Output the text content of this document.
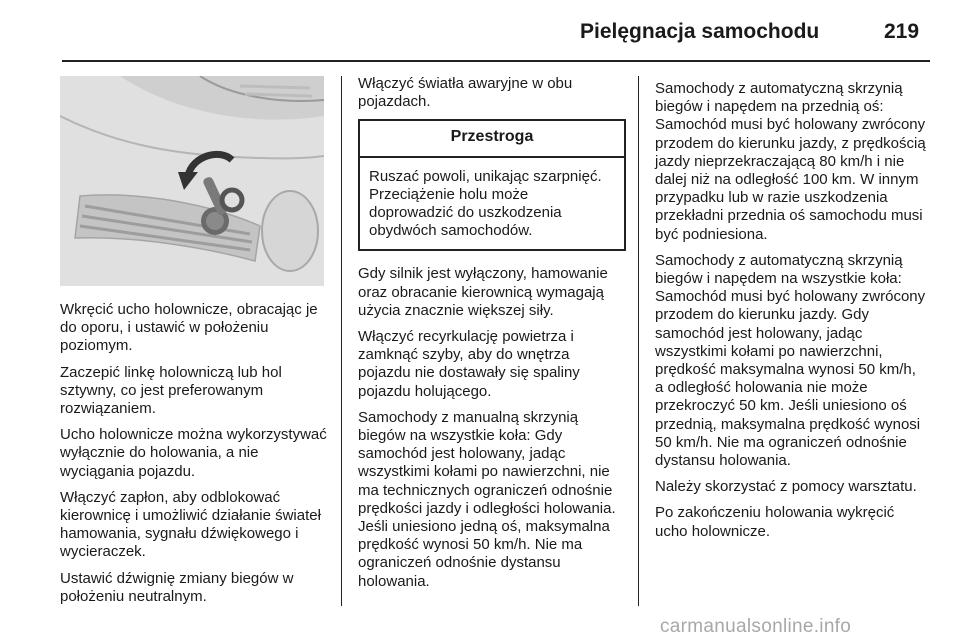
Pielęgnacja samochodu	219

Wkręcić ucho holownicze, obracając je do oporu, i ustawić w położeniu poziomym.

Zaczepić linkę holowniczą lub hol sztywny, co jest preferowanym rozwiązaniem.

Ucho holownicze można wykorzystywać wyłącznie do holowania, a nie wyciągania pojazdu.

Włączyć zapłon, aby odblokować kierownicę i umożliwić działanie świateł hamowania, sygnału dźwiękowego i wycieraczek.

Ustawić dźwignię zmiany biegów w położeniu neutralnym.

Włączyć światła awaryjne w obu pojazdach.

Przestroga
Ruszać powoli, unikając szarpnięć. Przeciążenie holu może doprowadzić do uszkodzenia obydwóch samochodów.

Gdy silnik jest wyłączony, hamowanie oraz obracanie kierownicą wymagają użycia znacznie większej siły.

Włączyć recyrkulację powietrza i zamknąć szyby, aby do wnętrza pojazdu nie dostawały się spaliny pojazdu holującego.

Samochody z manualną skrzynią biegów na wszystkie koła: Gdy samochód jest holowany, jadąc wszystkimi kołami po nawierzchni, nie ma technicznych ograniczeń odnośnie prędkości jazdy i odległości holowania. Jeśli uniesiono jedną oś, maksymalna prędkość wynosi 50 km/h. Nie ma ograniczeń odnośnie dystansu holowania.

Samochody z automatyczną skrzynią biegów i napędem na przednią oś: Samochód musi być holowany zwrócony przodem do kierunku jazdy, z prędkością jazdy nieprzekraczającą 80 km/h i nie dalej niż na odległość 100 km. W innym przypadku lub w razie uszkodzenia przekładni przednia oś samochodu musi być podniesiona.

Samochody z automatyczną skrzynią biegów i napędem na wszystkie koła: Samochód musi być holowany zwrócony przodem do kierunku jazdy. Gdy samochód jest holowany, jadąc wszystkimi kołami po nawierzchni, prędkość maksymalna wynosi 50 km/h, a odległość holowania nie może przekroczyć 50 km. Jeśli uniesiono oś przednią, maksymalna prędkość wynosi 50 km/h. Nie ma ograniczeń odnośnie dystansu holowania.

Należy skorzystać z pomocy warsztatu.

Po zakończeniu holowania wykręcić ucho holownicze.

carmanualsonline.info
